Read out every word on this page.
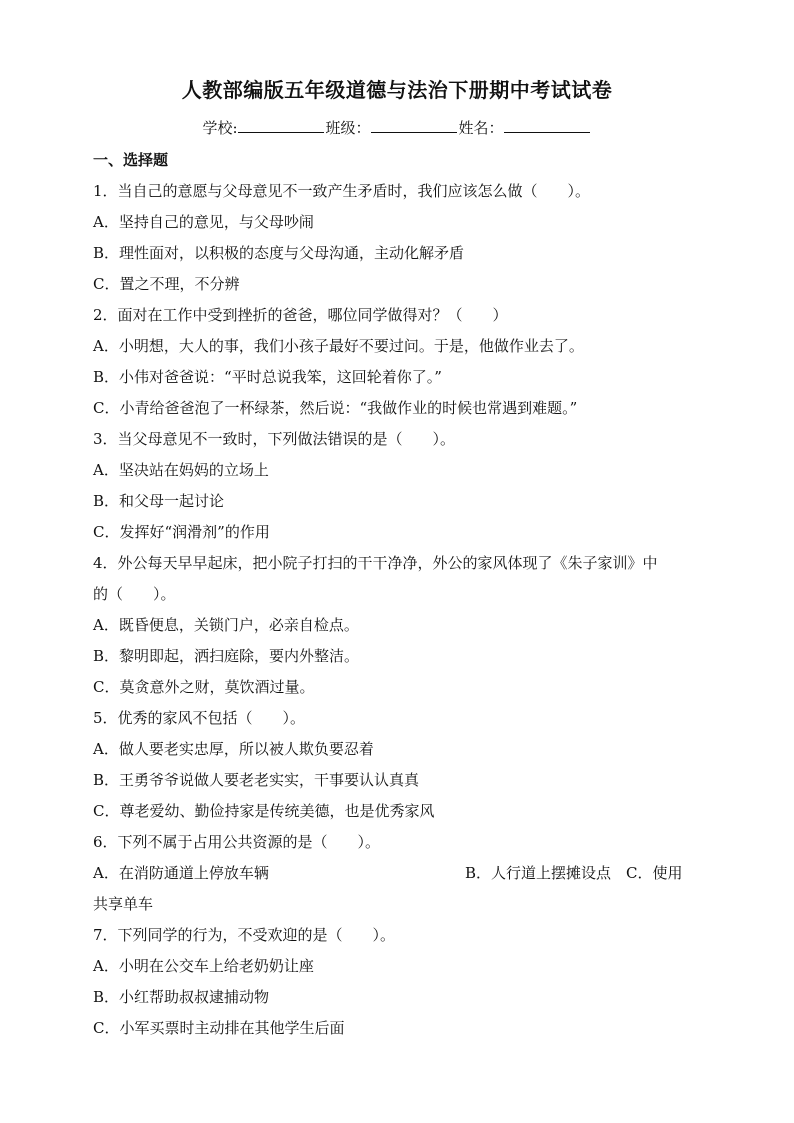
人教部编版五年级道德与法治下册期中考试试卷
学校:	班级：	姓名：
一、选择题
1．当自己的意愿与父母意见不一致产生矛盾时，我们应该怎么做（　　）。
A．坚持自己的意见，与父母吵闹
B．理性面对，以积极的态度与父母沟通，主动化解矛盾
C．置之不理，不分辨
2．面对在工作中受到挫折的爸爸，哪位同学做得对？（　　）
A．小明想，大人的事，我们小孩子最好不要过问。于是，他做作业去了。
B．小伟对爸爸说：“平时总说我笨，这回轮着你了。”
C．小青给爸爸泡了一杯绿茶，然后说：“我做作业的时候也常遇到难题。”
3．当父母意见不一致时，下列做法错误的是（　　）。
A．坚决站在妈妈的立场上
B．和父母一起讨论
C．发挥好“润滑剂”的作用
4．外公每天早早起床，把小院子打扫的干干净净，外公的家风体现了《朱子家训》中
的（　　）。
A．既昏便息，关锁门户，必亲自检点。
B．黎明即起，洒扫庭除，要内外整洁。
C．莫贪意外之财，莫饮酒过量。
5．优秀的家风不包括（　　）。
A．做人要老实忠厚，所以被人欺负要忍着
B．王勇爷爷说做人要老老实实，干事要认认真真
C．尊老爱幼、勤俭持家是传统美德，也是优秀家风
6．下列不属于占用公共资源的是（　　）。
A．在消防通道上停放车辆	B．人行道上摆摊设点　C．使用
共享单车
7．下列同学的行为，不受欢迎的是（　　）。
A．小明在公交车上给老奶奶让座
B．小红帮助叔叔逮捕动物
C．小军买票时主动排在其他学生后面
